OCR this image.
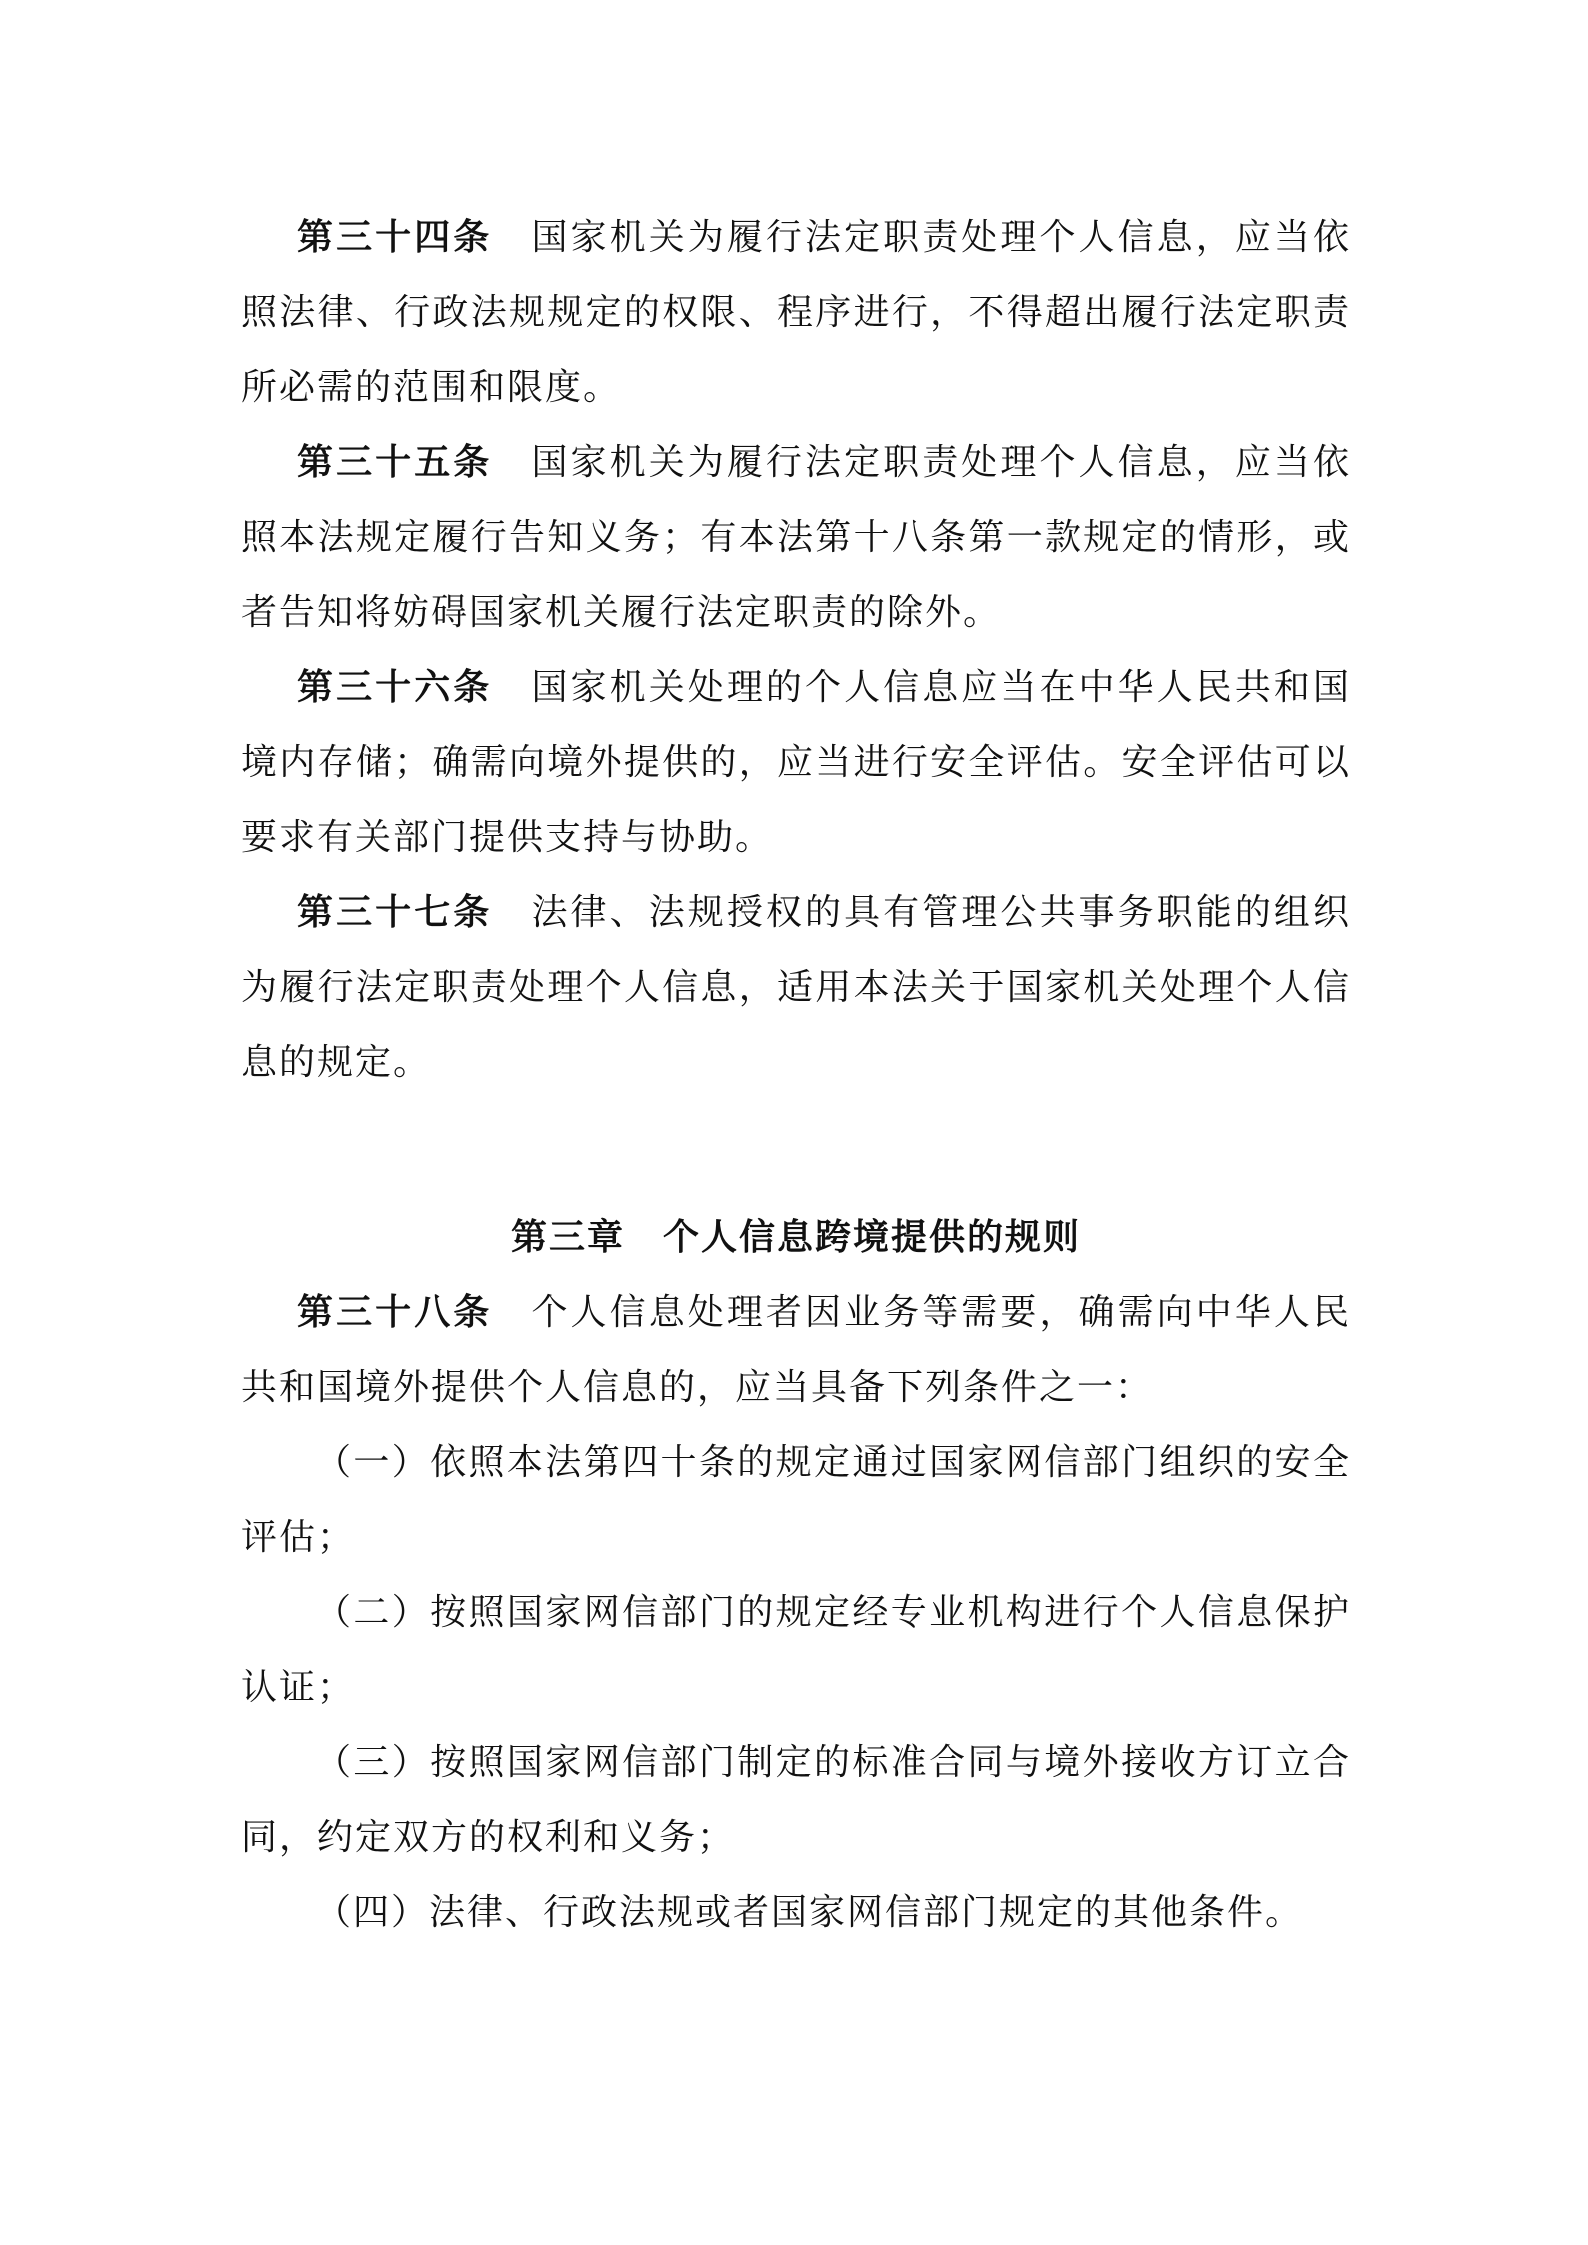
第三十四条 国家机关为履行法定职责处理个人信息，应当依照法律、行政法规规定的权限、程序进行，不得超出履行法定职责所必需的范围和限度。

第三十五条 国家机关为履行法定职责处理个人信息，应当依照本法规定履行告知义务；有本法第十八条第一款规定的情形，或者告知将妨碍国家机关履行法定职责的除外。

第三十六条 国家机关处理的个人信息应当在中华人民共和国境内存储；确需向境外提供的，应当进行安全评估。安全评估可以要求有关部门提供支持与协助。

第三十七条 法律、法规授权的具有管理公共事务职能的组织为履行法定职责处理个人信息，适用本法关于国家机关处理个人信息的规定。

第三章　个人信息跨境提供的规则

第三十八条 个人信息处理者因业务等需要，确需向中华人民共和国境外提供个人信息的，应当具备下列条件之一：

（一）依照本法第四十条的规定通过国家网信部门组织的安全评估；

（二）按照国家网信部门的规定经专业机构进行个人信息保护认证；

（三）按照国家网信部门制定的标准合同与境外接收方订立合同，约定双方的权利和义务；

（四）法律、行政法规或者国家网信部门规定的其他条件。
